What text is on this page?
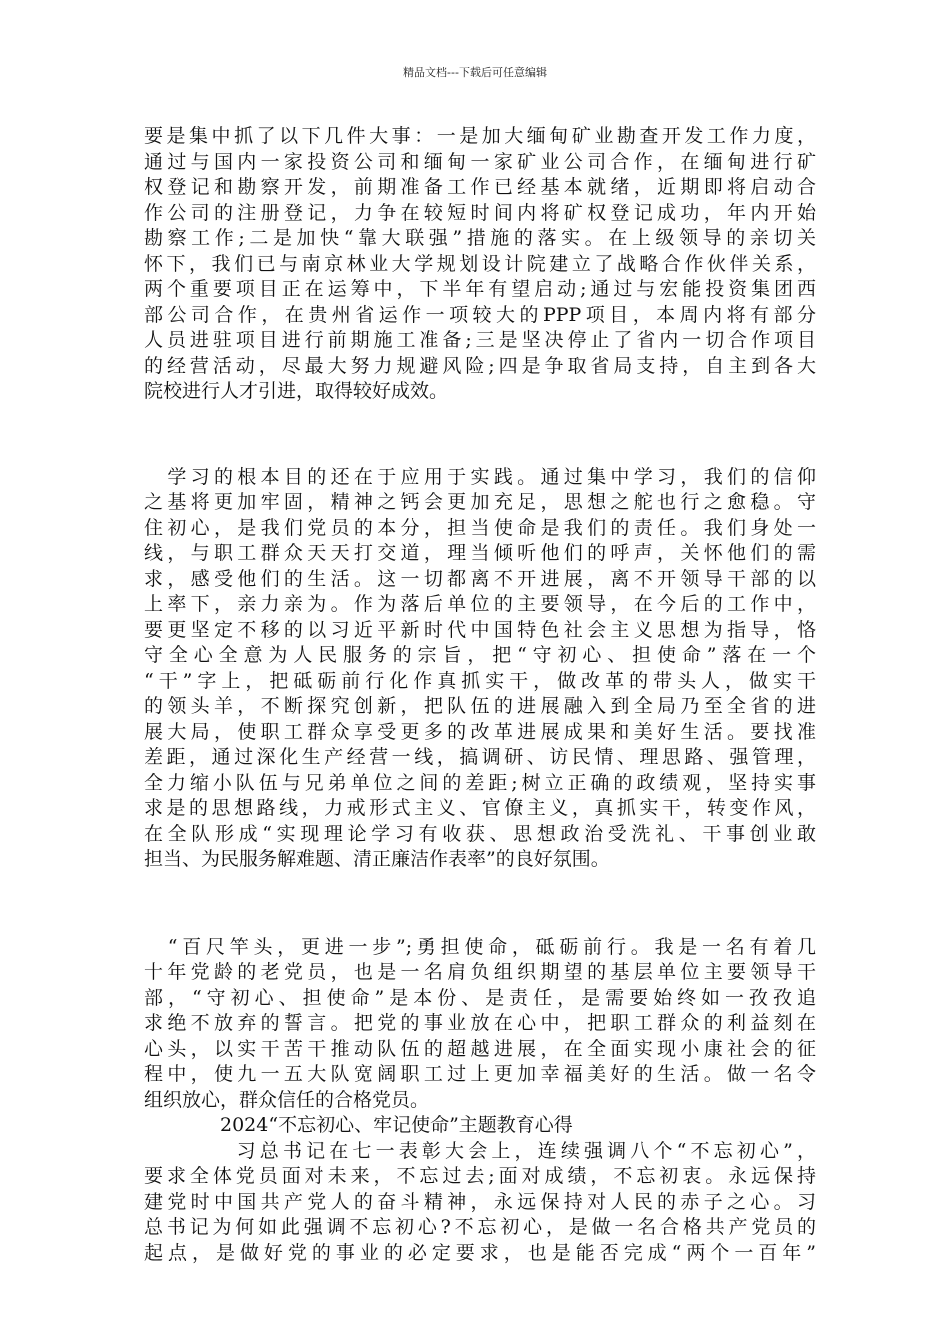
精品文档---下载后可任意编辑
要是集中抓了以下几件大事：一是加大缅甸矿业勘查开发工作力度，
通过与国内一家投资公司和缅甸一家矿业公司合作，在缅甸进行矿
权登记和勘察开发，前期准备工作已经基本就绪，近期即将启动合
作公司的注册登记，力争在较短时间内将矿权登记成功，年内开始
勘察工作;二是加快“靠大联强”措施的落实。在上级领导的亲切关
怀下，我们已与南京林业大学规划设计院建立了战略合作伙伴关系，
两个重要项目正在运筹中，下半年有望启动;通过与宏能投资集团西
部公司合作，在贵州省运作一项较大的PPP项目，本周内将有部分
人员进驻项目进行前期施工准备;三是坚决停止了省内一切合作项目
的经营活动，尽最大努力规避风险;四是争取省局支持，自主到各大
院校进行人才引进，取得较好成效。
　学习的根本目的还在于应用于实践。通过集中学习，我们的信仰
之基将更加牢固，精神之钙会更加充足，思想之舵也行之愈稳。守
住初心，是我们党员的本分，担当使命是我们的责任。我们身处一
线，与职工群众天天打交道，理当倾听他们的呼声，关怀他们的需
求，感受他们的生活。这一切都离不开进展，离不开领导干部的以
上率下，亲力亲为。作为落后单位的主要领导，在今后的工作中，
要更坚定不移的以习近平新时代中国特色社会主义思想为指导，恪
守全心全意为人民服务的宗旨，把“守初心、担使命”落在一个
“干”字上，把砥砺前行化作真抓实干，做改革的带头人，做实干
的领头羊，不断探究创新，把队伍的进展融入到全局乃至全省的进
展大局，使职工群众享受更多的改革进展成果和美好生活。要找准
差距，通过深化生产经营一线，搞调研、访民情、理思路、强管理，
全力缩小队伍与兄弟单位之间的差距;树立正确的政绩观，坚持实事
求是的思想路线，力戒形式主义、官僚主义，真抓实干，转变作风，
在全队形成“实现理论学习有收获、思想政治受洗礼、干事创业敢
担当、为民服务解难题、清正廉洁作表率”的良好氛围。
　“百尺竿头，更进一步”;勇担使命，砥砺前行。我是一名有着几
十年党龄的老党员，也是一名肩负组织期望的基层单位主要领导干
部，“守初心、担使命”是本份、是责任，是需要始终如一孜孜追
求绝不放弃的誓言。把党的事业放在心中，把职工群众的利益刻在
心头，以实干苦干推动队伍的超越进展，在全面实现小康社会的征
程中，使九一五大队宽阔职工过上更加幸福美好的生活。做一名令
组织放心，群众信任的合格党员。
　　　　2024“不忘初心、牢记使命”主题教育心得
　　　　习总书记在七一表彰大会上，连续强调八个“不忘初心”，
要求全体党员面对未来，不忘过去;面对成绩，不忘初衷。永远保持
建党时中国共产党人的奋斗精神，永远保持对人民的赤子之心。习
总书记为何如此强调不忘初心?不忘初心，是做一名合格共产党员的
起点，是做好党的事业的必定要求，也是能否完成“两个一百年”
